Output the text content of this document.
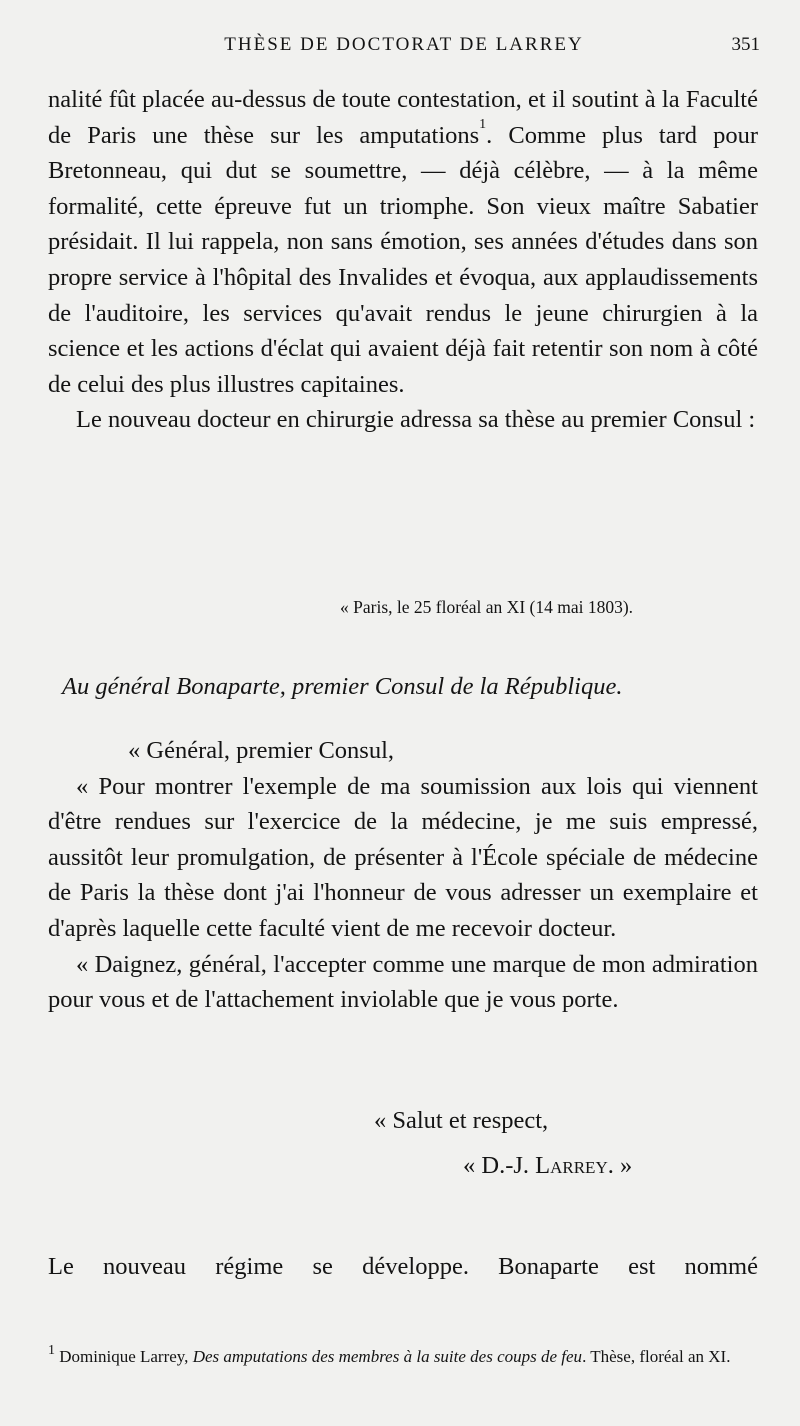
THÈSE DE DOCTORAT DE LARREY	351

nalité fût placée au-dessus de toute contestation, et il soutint à la Faculté de Paris une thèse sur les amputations$^1$. Comme plus tard pour Bretonneau, qui dut se soumettre, — déjà célèbre, — à la même formalité, cette épreuve fut un triomphe. Son vieux maître Sabatier présidait. Il lui rappela, non sans émotion, ses années d'études dans son propre service à l'hôpital des Invalides et évoqua, aux applaudissements de l'auditoire, les services qu'avait rendus le jeune chirurgien à la science et les actions d'éclat qui avaient déjà fait retentir son nom à côté de celui des plus illustres capitaines.

Le nouveau docteur en chirurgie adressa sa thèse au premier Consul :

« Paris, le 25 floréal an XI (14 mai 1803).
Au général Bonaparte, premier Consul de la République.

« Général, premier Consul,

« Pour montrer l'exemple de ma soumission aux lois qui viennent d'être rendues sur l'exercice de la médecine, je me suis empressé, aussitôt leur promulgation, de présenter à l'École spéciale de médecine de Paris la thèse dont j'ai l'honneur de vous adresser un exemplaire et d'après laquelle cette faculté vient de me recevoir docteur.

« Daignez, général, l'accepter comme une marque de mon admiration pour vous et de l'attachement inviolable que je vous porte.

« Salut et respect,
« D.-J. Larrey. »
Le nouveau régime se développe. Bonaparte est nommé
$^1$ Dominique Larrey, Des amputations des membres à la suite des coups de feu. Thèse, floréal an XI.
